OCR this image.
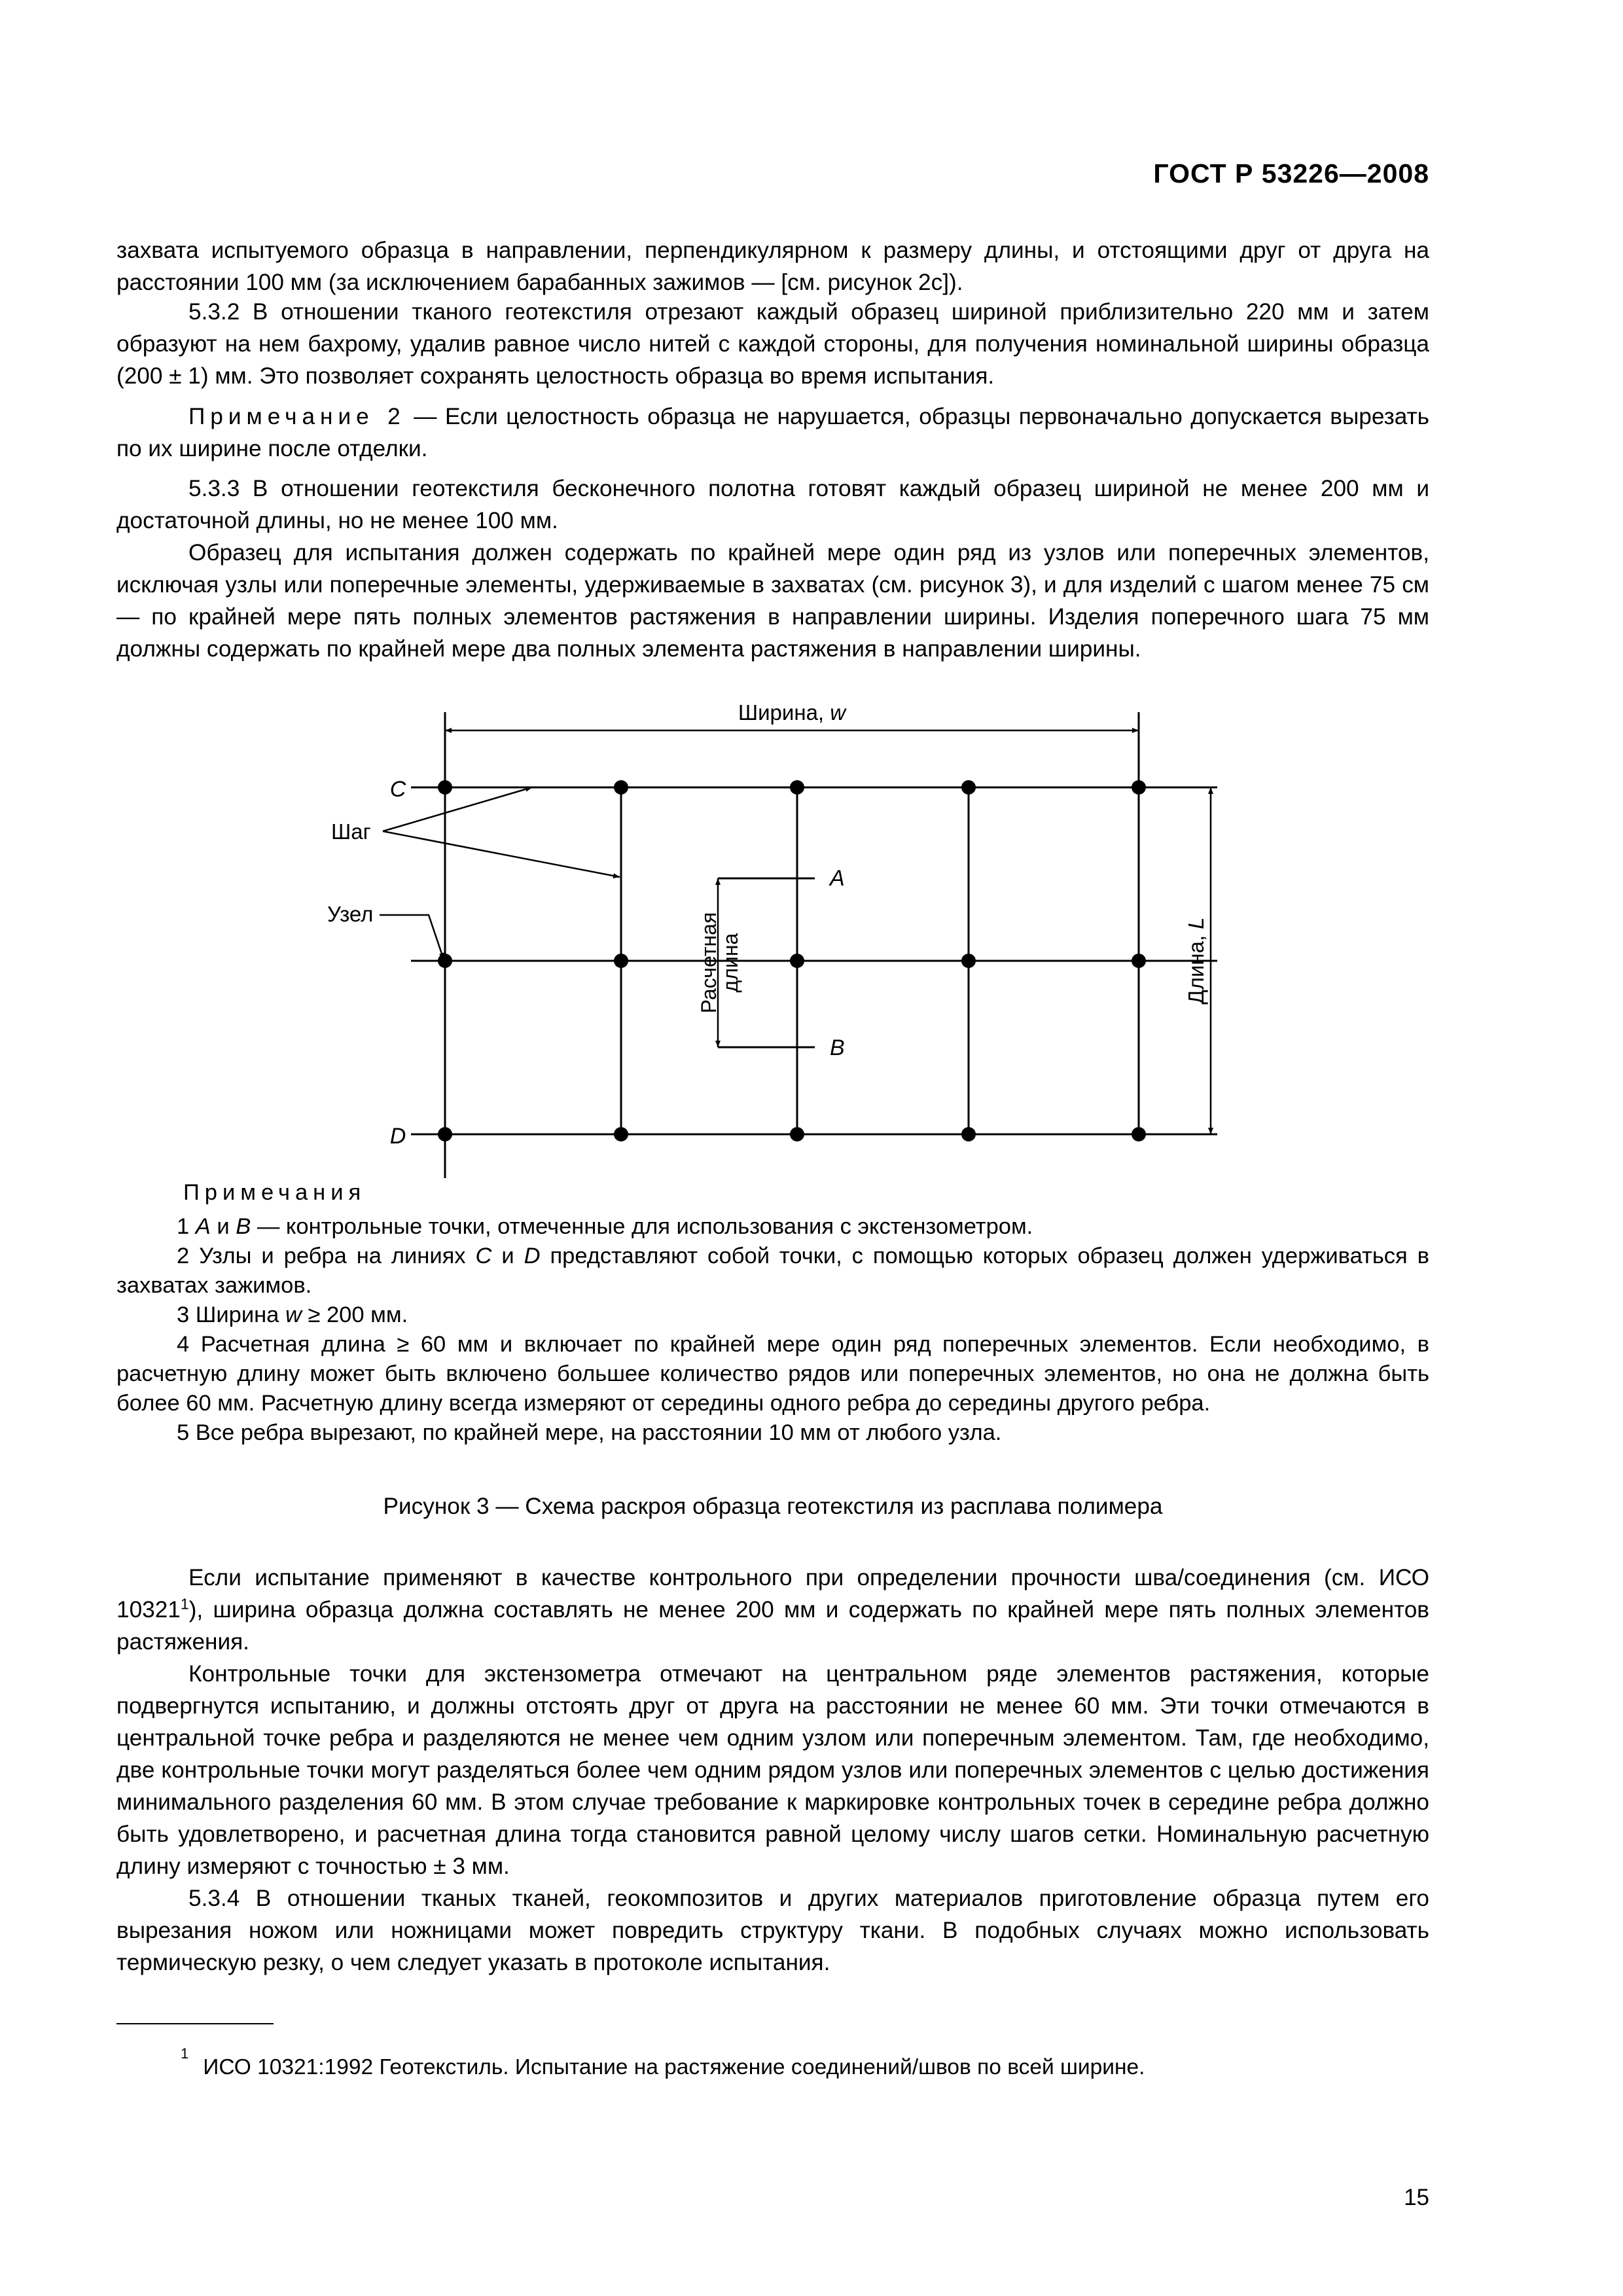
ГОСТ Р 53226—2008

захвата испытуемого образца в направлении, перпендикулярном к размеру длины, и отстоящими друг от друга на расстоянии 100 мм (за исключением барабанных зажимов — [см. рисунок 2с]).

5.3.2 В отношении тканого геотекстиля отрезают каждый образец шириной приблизительно 220 мм и затем образуют на нем бахрому, удалив равное число нитей с каждой стороны, для получения номинальной ширины образца (200 ± 1) мм. Это позволяет сохранять целостность образца во время испытания.

Примечание 2 — Если целостность образца не нарушается, образцы первоначально допускается вырезать по их ширине после отделки.

5.3.3 В отношении геотекстиля бесконечного полотна готовят каждый образец шириной не менее 200 мм и достаточной длины, но не менее 100 мм.

Образец для испытания должен содержать по крайней мере один ряд из узлов или поперечных элементов, исключая узлы или поперечные элементы, удерживаемые в захватах (см. рисунок 3), и для изделий с шагом менее 75 см — по крайней мере пять полных элементов растяжения в направлении ширины. Изделия поперечного шага 75 мм должны содержать по крайней мере два полных элемента растяжения в направлении ширины.

Ширина, w
C
D
A
B
Шаг
Узел	Расчетная
длина	Длина, L
Примечания

1 A и B — контрольные точки, отмеченные для использования с экстензометром.

2 Узлы и ребра на линиях C и D представляют собой точки, с помощью которых образец должен удерживаться в захватах зажимов.

3 Ширина w ≥ 200 мм.

4 Расчетная длина ≥ 60 мм и включает по крайней мере один ряд поперечных элементов. Если необходимо, в расчетную длину может быть включено большее количество рядов или поперечных элементов, но она не должна быть более 60 мм. Расчетную длину всегда измеряют от середины одного ребра до середины другого ребра.

5 Все ребра вырезают, по крайней мере, на расстоянии 10 мм от любого узла.

Рисунок 3 — Схема раскроя образца геотекстиля из расплава полимера

Если испытание применяют в качестве контрольного при определении прочности шва/соединения (см. ИСО 10321$^1$), ширина образца должна составлять не менее 200 мм и содержать по крайней мере пять полных элементов растяжения.

Контрольные точки для экстензометра отмечают на центральном ряде элементов растяжения, которые подвергнутся испытанию, и должны отстоять друг от друга на расстоянии не менее 60 мм. Эти точки отмечаются в центральной точке ребра и разделяются не менее чем одним узлом или поперечным элементом. Там, где необходимо, две контрольные точки могут разделяться более чем одним рядом узлов или поперечных элементов с целью достижения минимального разделения 60 мм. В этом случае требование к маркировке контрольных точек в середине ребра должно быть удовлетворено, и расчетная длина тогда становится равной целому числу шагов сетки. Номинальную расчетную длину измеряют с точностью ± 3 мм.

5.3.4 В отношении тканых тканей, геокомпозитов и других материалов приготовление образца путем его вырезания ножом или ножницами может повредить структуру ткани. В подобных случаях можно использовать термическую резку, о чем следует указать в протоколе испытания.

$^1$ИСО 10321:1992 Геотекстиль. Испытание на растяжение соединений/швов по всей ширине.
15
